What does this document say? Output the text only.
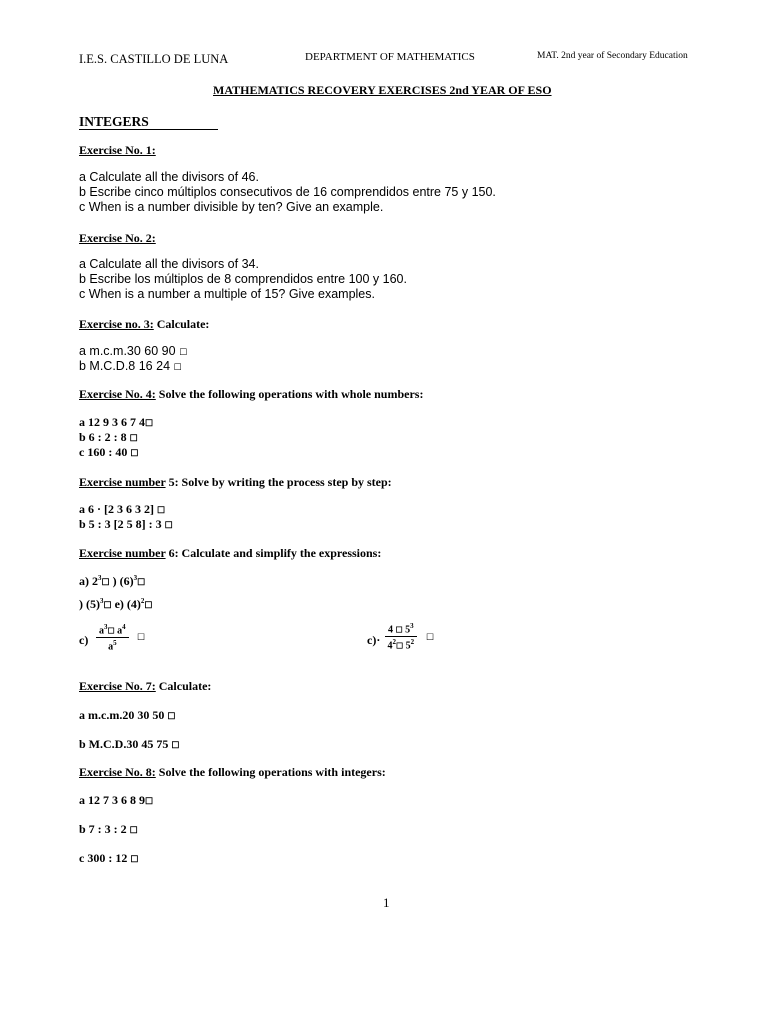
I.E.S. CASTILLO DE LUNA	DEPARTMENT OF MATHEMATICS	MAT. 2nd year of Secondary Education
MATHEMATICS RECOVERY EXERCISES 2nd YEAR OF ESO
INTEGERS
Exercise No. 1:
a Calculate all the divisors of 46.
b Escribe cinco múltiplos consecutivos de 16 comprendidos entre 75 y 150.
c When is a number divisible by ten? Give an example.
Exercise No. 2:
a Calculate all the divisors of 34.
b Escribe los múltiplos de 8 comprendidos entre 100 y 160.
c When is a number a multiple of 15? Give examples.
Exercise no. 3: Calculate:
a m.c.m.30 60 90 ☐
b M.C.D.8 16 24 ☐
Exercise No. 4: Solve the following operations with whole numbers:
a 12 9 3 6 7 4☐
b 6 : 2 : 8 ☐
c 160 : 40 ☐
Exercise number 5: Solve by writing the process step by step:
a 6 · [2 3 6 3 2] ☐
b 5 : 3 [2 5 8] : 3 ☐
Exercise number 6: Calculate and simplify the expressions:
a) $2^3☐$ ) $(6)^3☐$
) $(5)^3☐$ e) $(4)^2☐$
$c) \frac{a^3☐ a^4}{a^5}$ ☐	$c)\cdot \frac{4 ☐ 5^3}{4^2☐ 5^2}$ ☐
Exercise No. 7: Calculate:
a m.c.m.20 30 50 ☐
b M.C.D.30 45 75 ☐
Exercise No. 8: Solve the following operations with integers:
a 12 7 3 6 8 9☐
b 7 : 3 : 2 ☐
c 300 : 12 ☐
1
